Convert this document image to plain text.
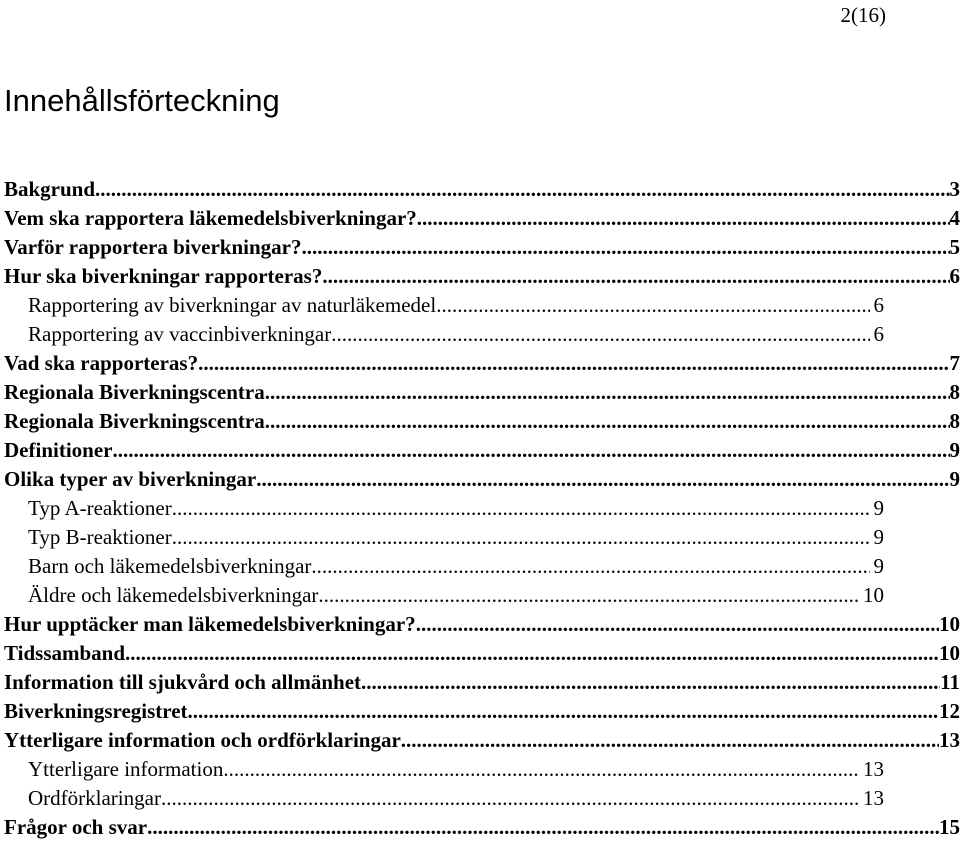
2(16)
Innehållsförteckning
Bakgrund .....	3
Vem ska rapportera läkemedelsbiverkningar? .....	4
Varför rapportera biverkningar? .....	5
Hur ska biverkningar rapporteras? .....	6
Rapportering av biverkningar av naturläkemedel .....	6
Rapportering av vaccinbiverkningar .....	6
Vad ska rapporteras? .....	7
Regionala Biverkningscentra .....	8
Regionala Biverkningscentra .....	8
Definitioner .....	9
Olika typer av biverkningar .....	9
Typ A-reaktioner .....	9
Typ B-reaktioner .....	9
Barn och läkemedelsbiverkningar .....	9
Äldre och läkemedelsbiverkningar .....	10
Hur upptäcker man läkemedelsbiverkningar? .....	10
Tidssamband .....	10
Information till sjukvård och allmänhet .....	11
Biverkningsregistret .....	12
Ytterligare information och ordförklaringar .....	13
Ytterligare information .....	13
Ordförklaringar .....	13
Frågor och svar .....	15
